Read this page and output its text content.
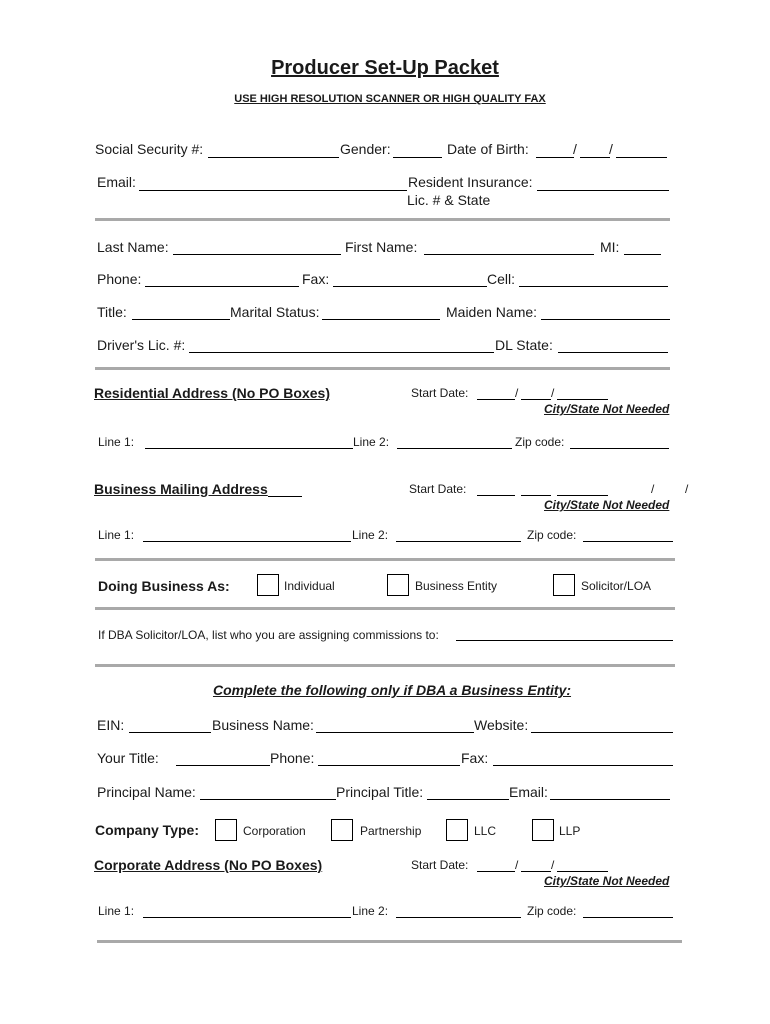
Producer Set-Up Packet
USE HIGH RESOLUTION SCANNER OR HIGH QUALITY FAX
Social Security #:	Gender:	Date of Birth:	/ /
Email:	Resident Insurance:
Lic. # & State
Last Name:	First Name:	MI:
Phone:	Fax:	Cell:
Title:	Marital Status:	Maiden Name:
Driver's Lic. #:	DL State:
Residential Address (No PO Boxes)	Start Date:	/	/
City/State Not Needed
Line 1:	Line 2:	Zip code:
Business Mailing Address	Start Date:	/	/
City/State Not Needed
Line 1:	Line 2:	Zip code:
Doing Business As:	Individual	Business Entity	Solicitor/LOA
If DBA Solicitor/LOA, list who you are assigning commissions to:
Complete the following only if DBA a Business Entity:
EIN:	Business Name:	Website:
Your Title:	Phone:	Fax:
Principal Name:	Principal Title:	Email:
Company Type:	Corporation	Partnership	LLC	LLP
Corporate Address (No PO Boxes)	Start Date:	/	/
City/State Not Needed
Line 1:	Line 2:	Zip code:
